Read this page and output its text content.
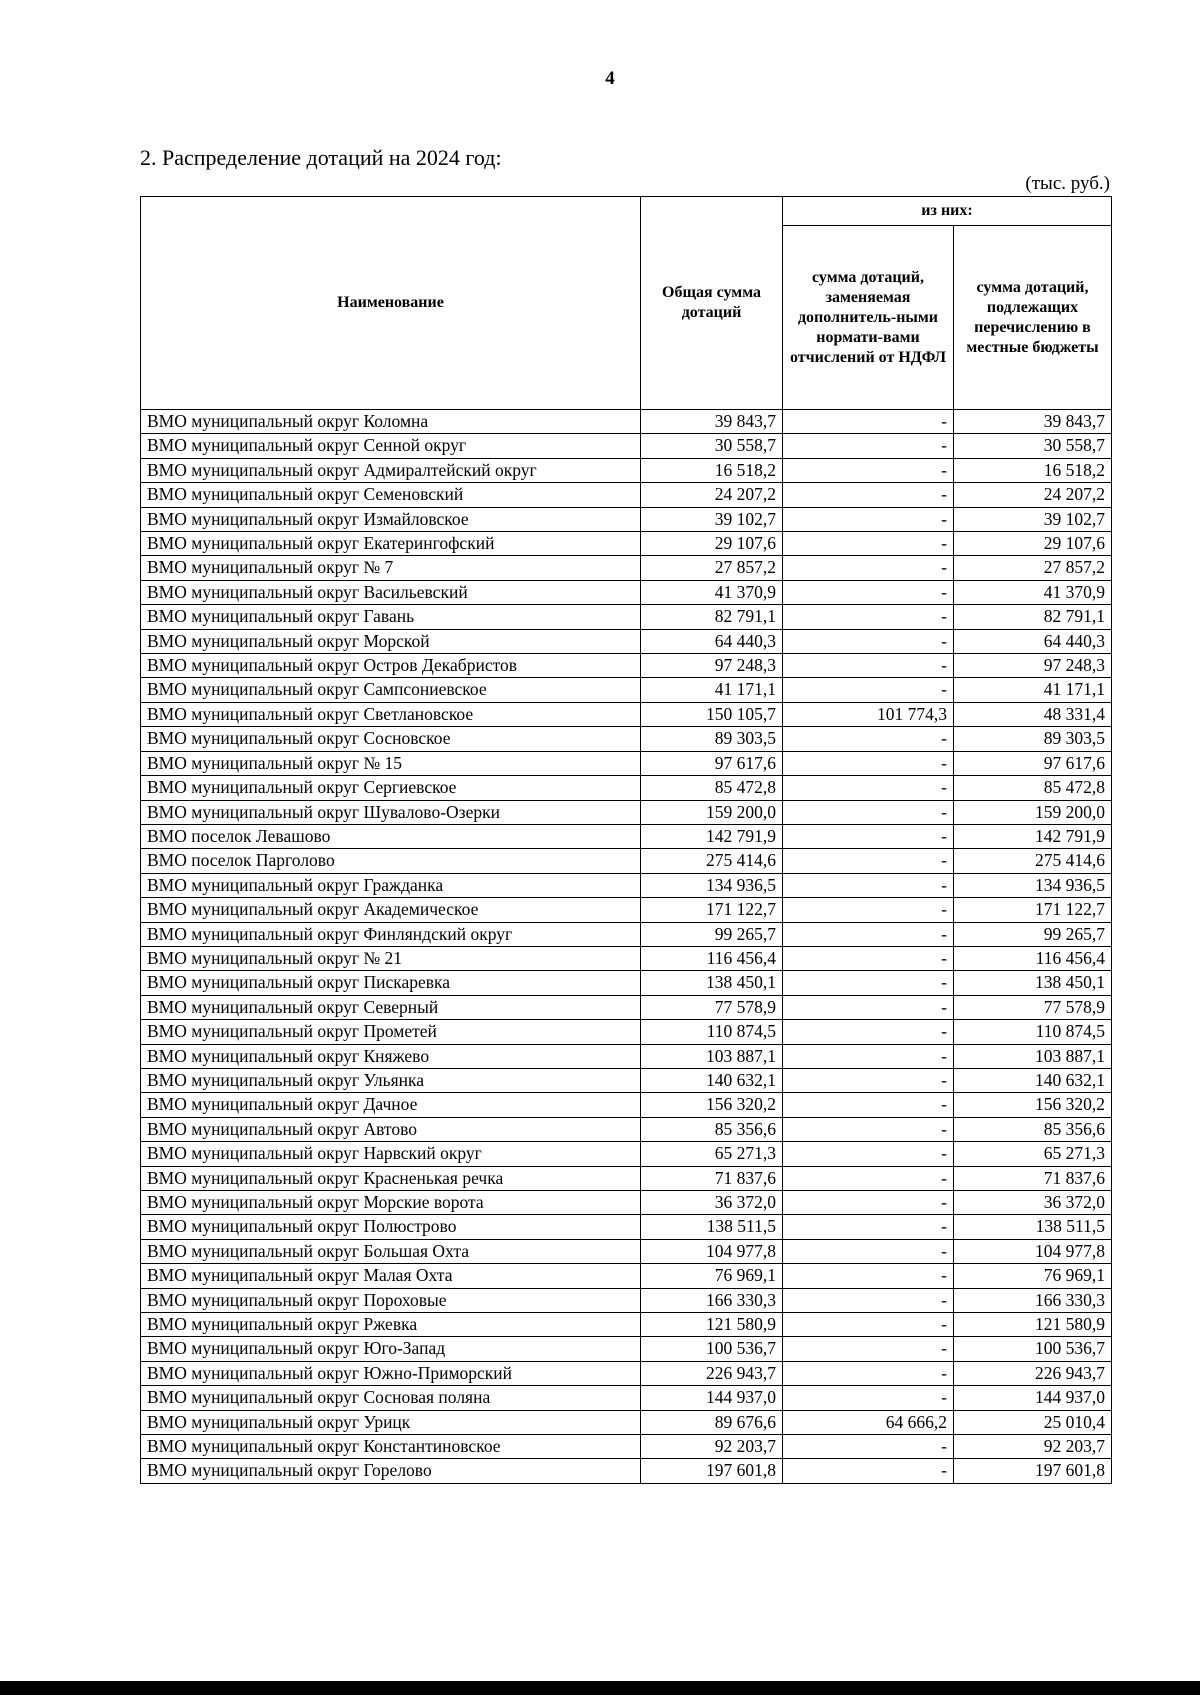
4
2. Распределение дотаций на 2024 год:
(тыс. руб.)
Наименование	Общая сумма дотаций	из них:	
		сумма дотаций, заменяемая дополнитель-ными нормати-вами отчислений от НДФЛ	сумма дотаций, подлежащих перечислению в местные бюджеты
ВМО муниципальный округ Коломна	39 843,7	-	39 843,7
ВМО муниципальный округ Сенной округ	30 558,7	-	30 558,7
ВМО муниципальный округ Адмиралтейский округ	16 518,2	-	16 518,2
ВМО муниципальный округ Семеновский	24 207,2	-	24 207,2
ВМО муниципальный округ Измайловское	39 102,7	-	39 102,7
ВМО муниципальный округ Екатерингофский	29 107,6	-	29 107,6
ВМО муниципальный округ № 7	27 857,2	-	27 857,2
ВМО муниципальный округ Васильевский	41 370,9	-	41 370,9
ВМО муниципальный округ Гавань	82 791,1	-	82 791,1
ВМО муниципальный округ Морской	64 440,3	-	64 440,3
ВМО муниципальный округ Остров Декабристов	97 248,3	-	97 248,3
ВМО муниципальный округ Сампсониевское	41 171,1	-	41 171,1
ВМО муниципальный округ Светлановское	150 105,7	101 774,3	48 331,4
ВМО муниципальный округ Сосновское	89 303,5	-	89 303,5
ВМО муниципальный округ № 15	97 617,6	-	97 617,6
ВМО муниципальный округ Сергиевское	85 472,8	-	85 472,8
ВМО муниципальный округ Шувалово-Озерки	159 200,0	-	159 200,0
ВМО поселок Левашово	142 791,9	-	142 791,9
ВМО поселок Парголово	275 414,6	-	275 414,6
ВМО муниципальный округ Гражданка	134 936,5	-	134 936,5
ВМО муниципальный округ Академическое	171 122,7	-	171 122,7
ВМО муниципальный округ Финляндский округ	99 265,7	-	99 265,7
ВМО муниципальный округ № 21	116 456,4	-	116 456,4
ВМО муниципальный округ Пискаревка	138 450,1	-	138 450,1
ВМО муниципальный округ Северный	77 578,9	-	77 578,9
ВМО муниципальный округ Прометей	110 874,5	-	110 874,5
ВМО муниципальный округ Княжево	103 887,1	-	103 887,1
ВМО муниципальный округ Ульянка	140 632,1	-	140 632,1
ВМО муниципальный округ Дачное	156 320,2	-	156 320,2
ВМО муниципальный округ Автово	85 356,6	-	85 356,6
ВМО муниципальный округ Нарвский округ	65 271,3	-	65 271,3
ВМО муниципальный округ Красненькая речка	71 837,6	-	71 837,6
ВМО муниципальный округ Морские ворота	36 372,0	-	36 372,0
ВМО муниципальный округ Полюстрово	138 511,5	-	138 511,5
ВМО муниципальный округ Большая Охта	104 977,8	-	104 977,8
ВМО муниципальный округ Малая Охта	76 969,1	-	76 969,1
ВМО муниципальный округ Пороховые	166 330,3	-	166 330,3
ВМО муниципальный округ Ржевка	121 580,9	-	121 580,9
ВМО муниципальный округ Юго-Запад	100 536,7	-	100 536,7
ВМО муниципальный округ Южно-Приморский	226 943,7	-	226 943,7
ВМО муниципальный округ Сосновая поляна	144 937,0	-	144 937,0
ВМО муниципальный округ Урицк	89 676,6	64 666,2	25 010,4
ВМО муниципальный округ Константиновское	92 203,7	-	92 203,7
ВМО муниципальный округ Горелово	197 601,8	-	197 601,8
